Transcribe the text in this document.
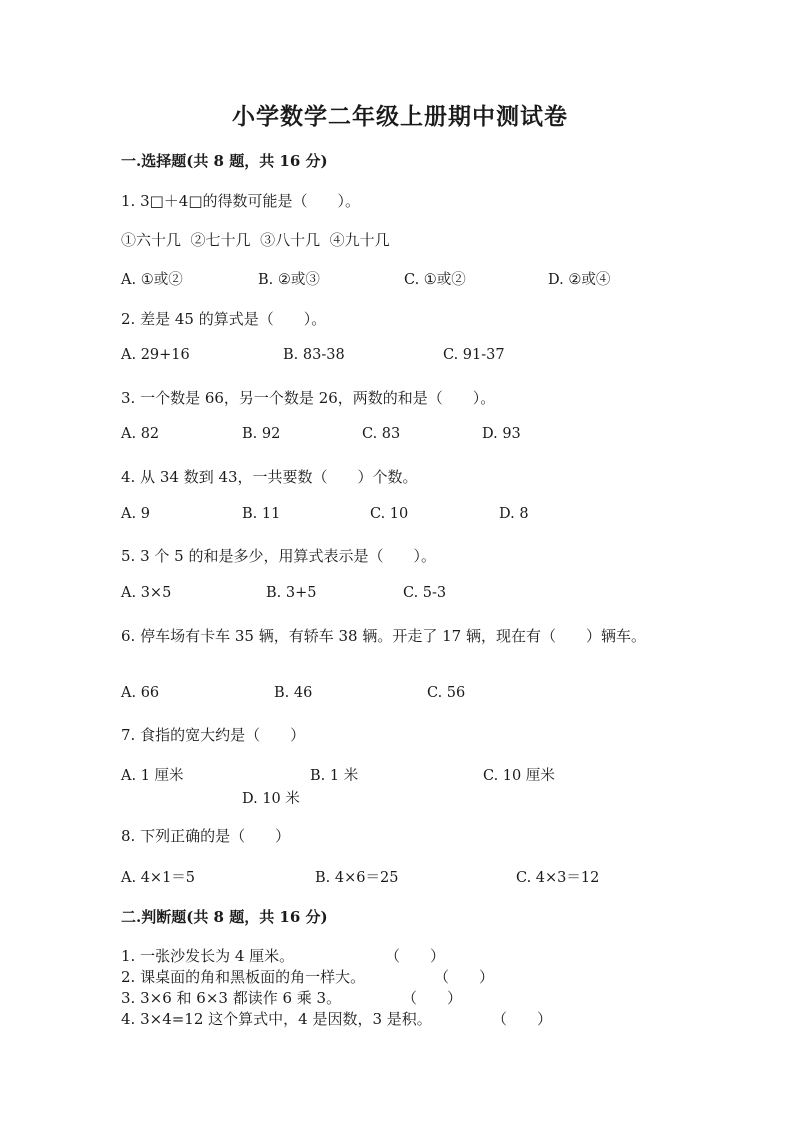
小学数学二年级上册期中测试卷
一.选择题(共 8 题，共 16 分)
1. 3□＋4□的得数可能是（　　）。
①六十几  ②七十几  ③八十几  ④九十几
A. ①或②	B. ②或③	C. ①或②	D. ②或④
2. 差是 45 的算式是（　　）。
A. 29+16	B. 83-38	C. 91-37
3. 一个数是 66，另一个数是 26，两数的和是（　　）。
A. 82	B. 92	C. 83	D. 93
4. 从 34 数到 43，一共要数（　　）个数。
A. 9	B. 11	C. 10	D. 8
5. 3 个 5 的和是多少，用算式表示是（　　）。
A. 3×5	B. 3+5	C. 5-3
6. 停车场有卡车 35 辆，有轿车 38 辆。开走了 17 辆，现在有（　　）辆车。
A. 66	B. 46	C. 56
7. 食指的宽大约是（　　）
A. 1 厘米	B. 1 米	C. 10 厘米
D. 10 米
8. 下列正确的是（　　）
A. 4×1＝5	B. 4×6＝25	C. 4×3＝12
二.判断题(共 8 题，共 16 分)
1. 一张沙发长为 4 厘米。	（　　）
2. 课桌面的角和黑板面的角一样大。	（　　）
3. 3×6 和 6×3 都读作 6 乘 3。	（　　）
4. 3×4=12 这个算式中，4 是因数，3 是积。	（　　）
